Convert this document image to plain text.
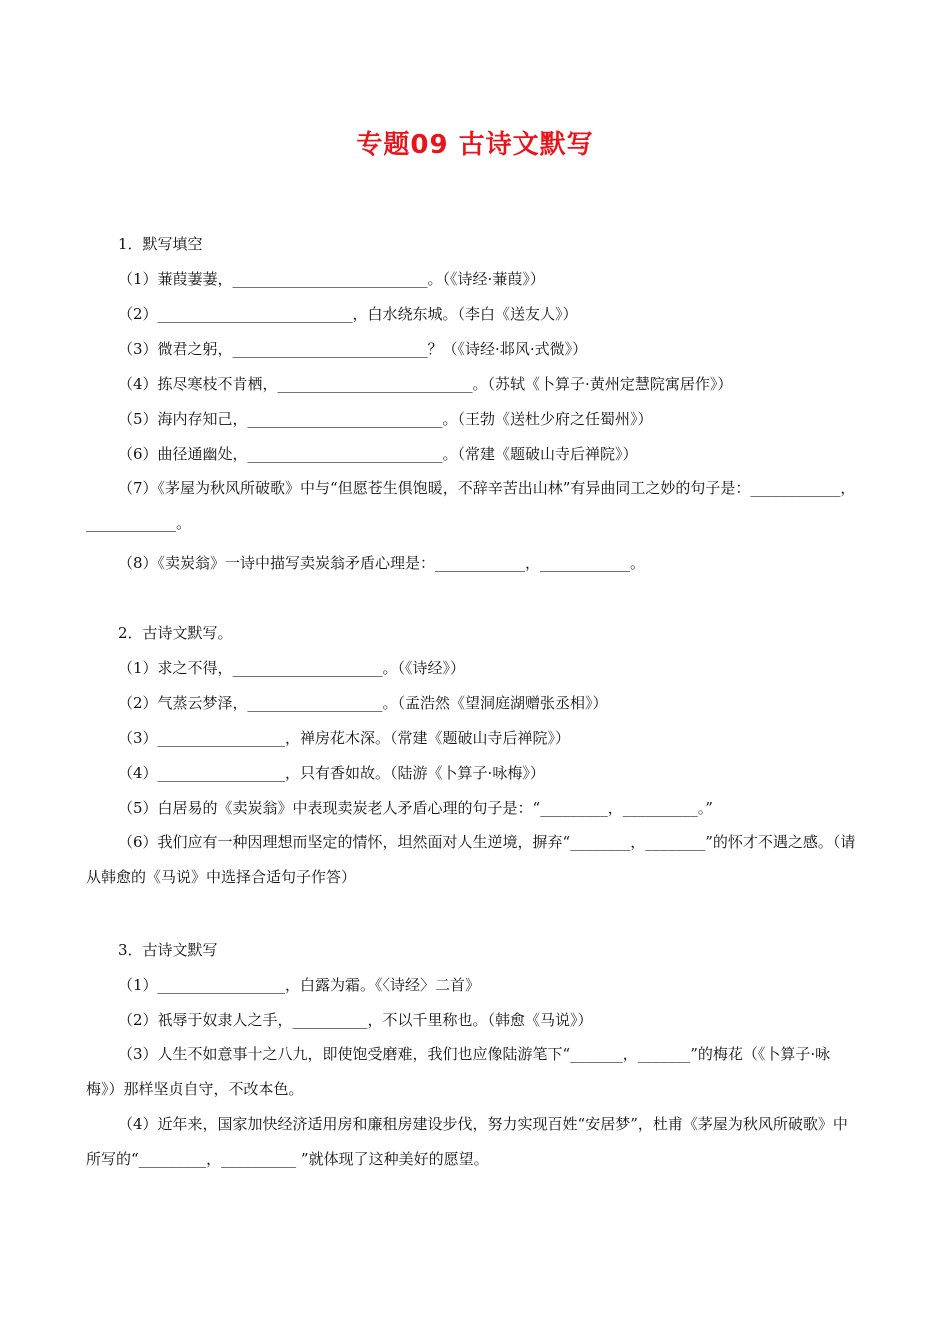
专题09 古诗文默写
1．默写填空
（1）蒹葭萋萋，__________________________。（《诗经·蒹葭》）
（2）__________________________，白水绕东城。（李白《送友人》）
（3）微君之躬，__________________________？（《诗经·邶风·式微》）
（4）拣尽寒枝不肯栖，__________________________。（苏轼《卜算子·黄州定慧院寓居作》）
（5）海内存知己，__________________________。（王勃《送杜少府之任蜀州》）
（6）曲径通幽处，__________________________。（常建《题破山寺后禅院》）
（7）《茅屋为秋风所破歌》中与“但愿苍生俱饱暖，不辞辛苦出山林”有异曲同工之妙的句子是：____________，____________。
（8）《卖炭翁》一诗中描写卖炭翁矛盾心理是：____________，____________。
2．古诗文默写。
（1）求之不得，____________________。（《诗经》）
（2）气蒸云梦泽，__________________。（孟浩然《望洞庭湖赠张丞相》）
（3）_________________，禅房花木深。（常建《题破山寺后禅院》）
（4）_________________，只有香如故。（陆游《卜算子·咏梅》）
（5）白居易的《卖炭翁》中表现卖炭老人矛盾心理的句子是：“_________，__________。”
（6）我们应有一种因理想而坚定的情怀，坦然面对人生逆境，摒弃“________，________”的怀才不遇之感。（请从韩愈的《马说》中选择合适句子作答）
3．古诗文默写
（1）_________________，白露为霜。《〈诗经〉二首》
（2）祇辱于奴隶人之手，__________，不以千里称也。（韩愈《马说》）
（3）人生不如意事十之八九，即使饱受磨难，我们也应像陆游笔下“_______，_______”的梅花（《卜算子·咏梅》）那样坚贞自守，不改本色。
（4）近年来，国家加快经济适用房和廉租房建设步伐，努力实现百姓“安居梦”，杜甫《茅屋为秋风所破歌》中所写的“_________，__________ ”就体现了这种美好的愿望。
